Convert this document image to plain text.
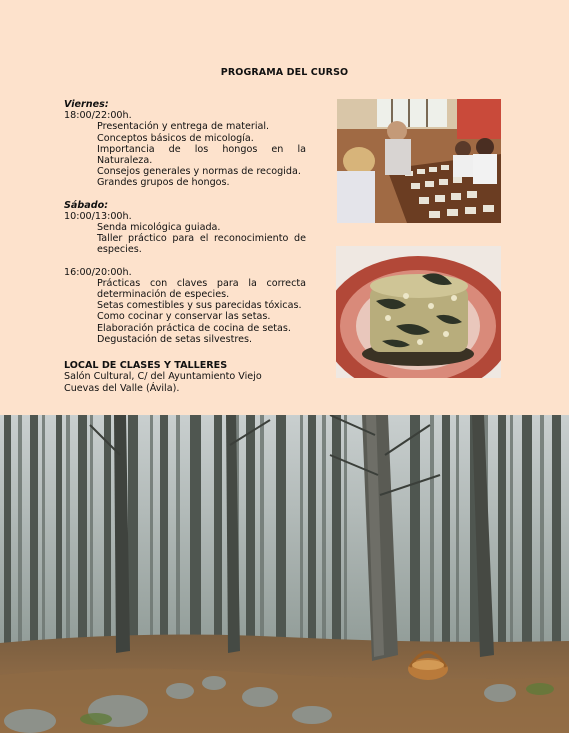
PROGRAMA DEL CURSO
Viernes:
18:00/22:00h.
Presentación y entrega de material.
Conceptos básicos de micología.
Importancia de los hongos en la Naturaleza.
Consejos generales y normas de recogida.
Grandes grupos de hongos.
Sábado:
10:00/13:00h.
Senda micológica guiada.
Taller práctico para el reconocimiento de especies.
16:00/20:00h.
Prácticas con claves para la correcta determinación de especies.
Setas comestibles y sus parecidas tóxicas.
Como cocinar y conservar las setas.
Elaboración práctica de cocina de setas.
Degustación de setas silvestres.
LOCAL DE CLASES Y TALLERES
Salón Cultural, C/ del Ayuntamiento Viejo
Cuevas del Valle (Ávila).
